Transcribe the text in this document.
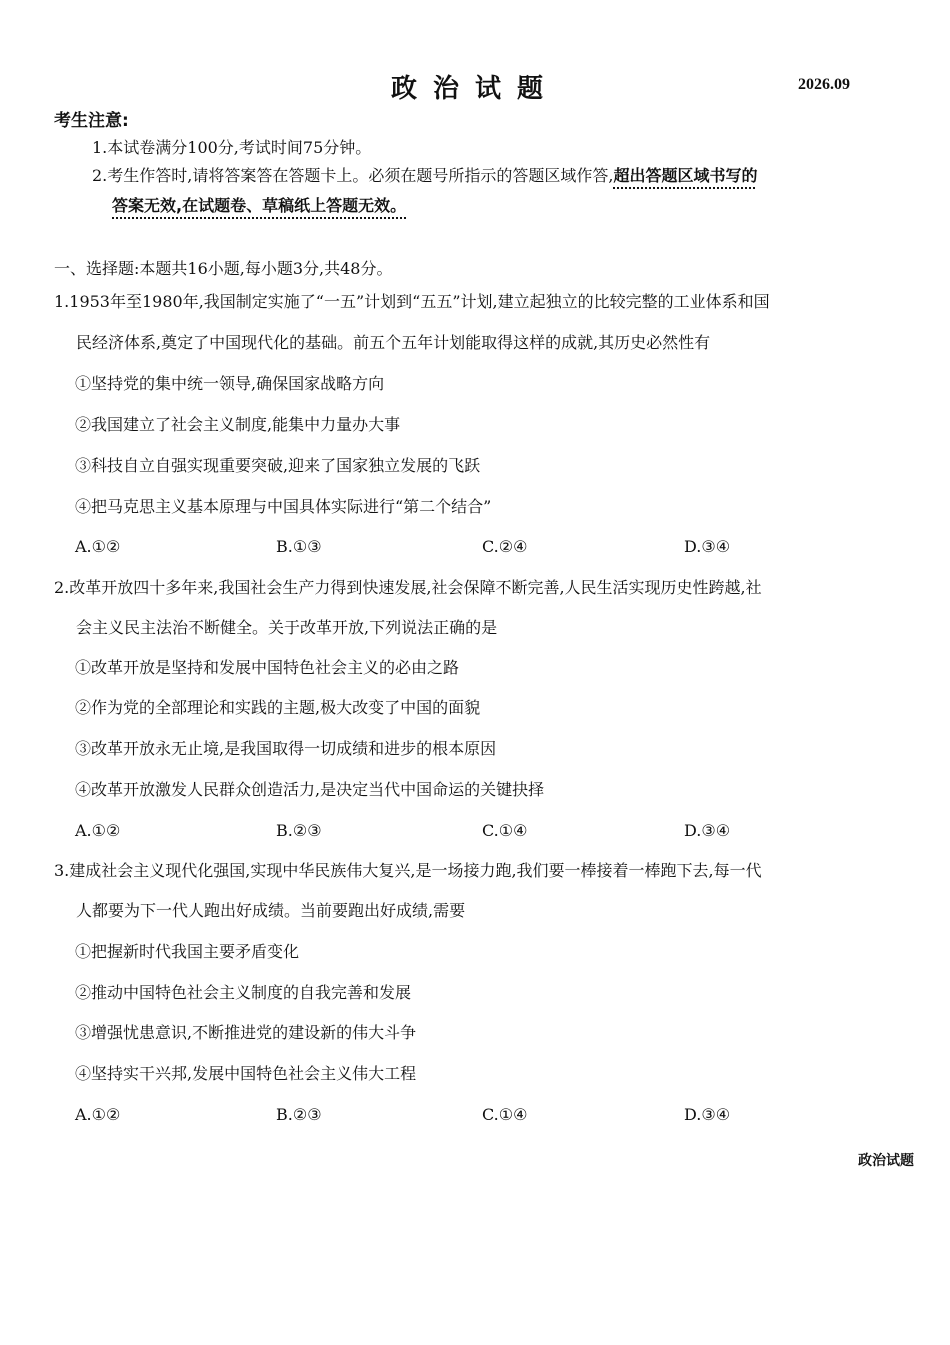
政治试题	2026.09
考生注意:
1.本试卷满分100分,考试时间75分钟。
2.考生作答时,请将答案答在答题卡上。必须在题号所指示的答题区域作答,超出答题区域书写的
答案无效,在试题卷、草稿纸上答题无效。
一、选择题:本题共16小题,每小题3分,共48分。
1.1953年至1980年,我国制定实施了“一五”计划到“五五”计划,建立起独立的比较完整的工业体系和国
民经济体系,奠定了中国现代化的基础。前五个五年计划能取得这样的成就,其历史必然性有
①坚持党的集中统一领导,确保国家战略方向
②我国建立了社会主义制度,能集中力量办大事
③科技自立自强实现重要突破,迎来了国家独立发展的飞跃
④把马克思主义基本原理与中国具体实际进行“第二个结合”
A.①②	B.①③	C.②④	D.③④
2.改革开放四十多年来,我国社会生产力得到快速发展,社会保障不断完善,人民生活实现历史性跨越,社
会主义民主法治不断健全。关于改革开放,下列说法正确的是
①改革开放是坚持和发展中国特色社会主义的必由之路
②作为党的全部理论和实践的主题,极大改变了中国的面貌
③改革开放永无止境,是我国取得一切成绩和进步的根本原因
④改革开放激发人民群众创造活力,是决定当代中国命运的关键抉择
A.①②	B.②③	C.①④	D.③④
3.建成社会主义现代化强国,实现中华民族伟大复兴,是一场接力跑,我们要一棒接着一棒跑下去,每一代
人都要为下一代人跑出好成绩。当前要跑出好成绩,需要
①把握新时代我国主要矛盾变化
②推动中国特色社会主义制度的自我完善和发展
③增强忧患意识,不断推进党的建设新的伟大斗争
④坚持实干兴邦,发展中国特色社会主义伟大工程
A.①②	B.②③	C.①④	D.③④
政治试题
